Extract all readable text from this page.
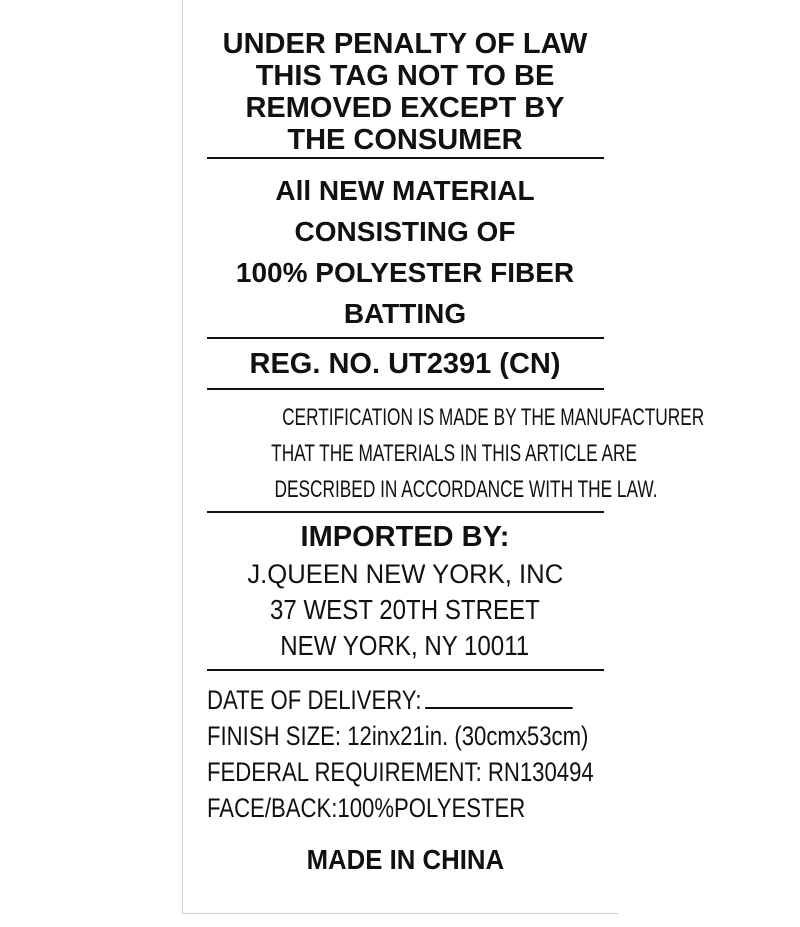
UNDER PENALTY OF LAW
THIS TAG NOT TO BE
REMOVED EXCEPT BY
THE CONSUMER
All NEW MATERIAL
CONSISTING OF
100% POLYESTER FIBER
BATTING
REG. NO. UT2391 (CN)
CERTIFICATION IS MADE BY THE MANUFACTURER
THAT THE MATERIALS IN THIS ARTICLE ARE
DESCRIBED IN ACCORDANCE WITH THE LAW.
IMPORTED BY:
J.QUEEN NEW YORK, INC
37 WEST 20TH STREET
NEW YORK, NY 10011
DATE OF DELIVERY:
FINISH SIZE: 12inx21in. (30cmx53cm)
FEDERAL REQUIREMENT: RN130494
FACE/BACK:100%POLYESTER
MADE IN CHINA
